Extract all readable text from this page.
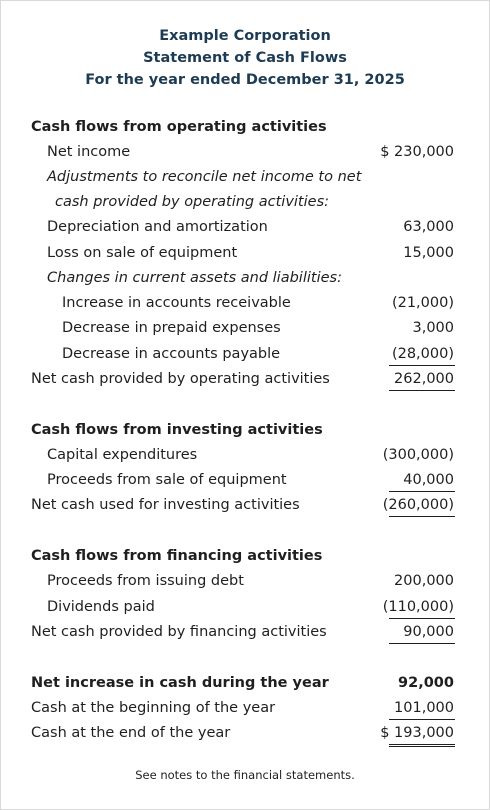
Example Corporation
Statement of Cash Flows
For the year ended December 31, 2025
Cash flows from operating activities
Net income	$ 230,000
Adjustments to reconcile net income to net
cash provided by operating activities:
Depreciation and amortization	63,000
Loss on sale of equipment	15,000
Changes in current assets and liabilities:
Increase in accounts receivable	(21,000)
Decrease in prepaid expenses	3,000
Decrease in accounts payable	(28,000)
Net cash provided by operating activities	262,000
Cash flows from investing activities
Capital expenditures	(300,000)
Proceeds from sale of equipment	40,000
Net cash used for investing activities	(260,000)
Cash flows from financing activities
Proceeds from issuing debt	200,000
Dividends paid	(110,000)
Net cash provided by financing activities	90,000
Net increase in cash during the year	92,000
Cash at the beginning of the year	101,000
Cash at the end of the year	$ 193,000
See notes to the financial statements.
